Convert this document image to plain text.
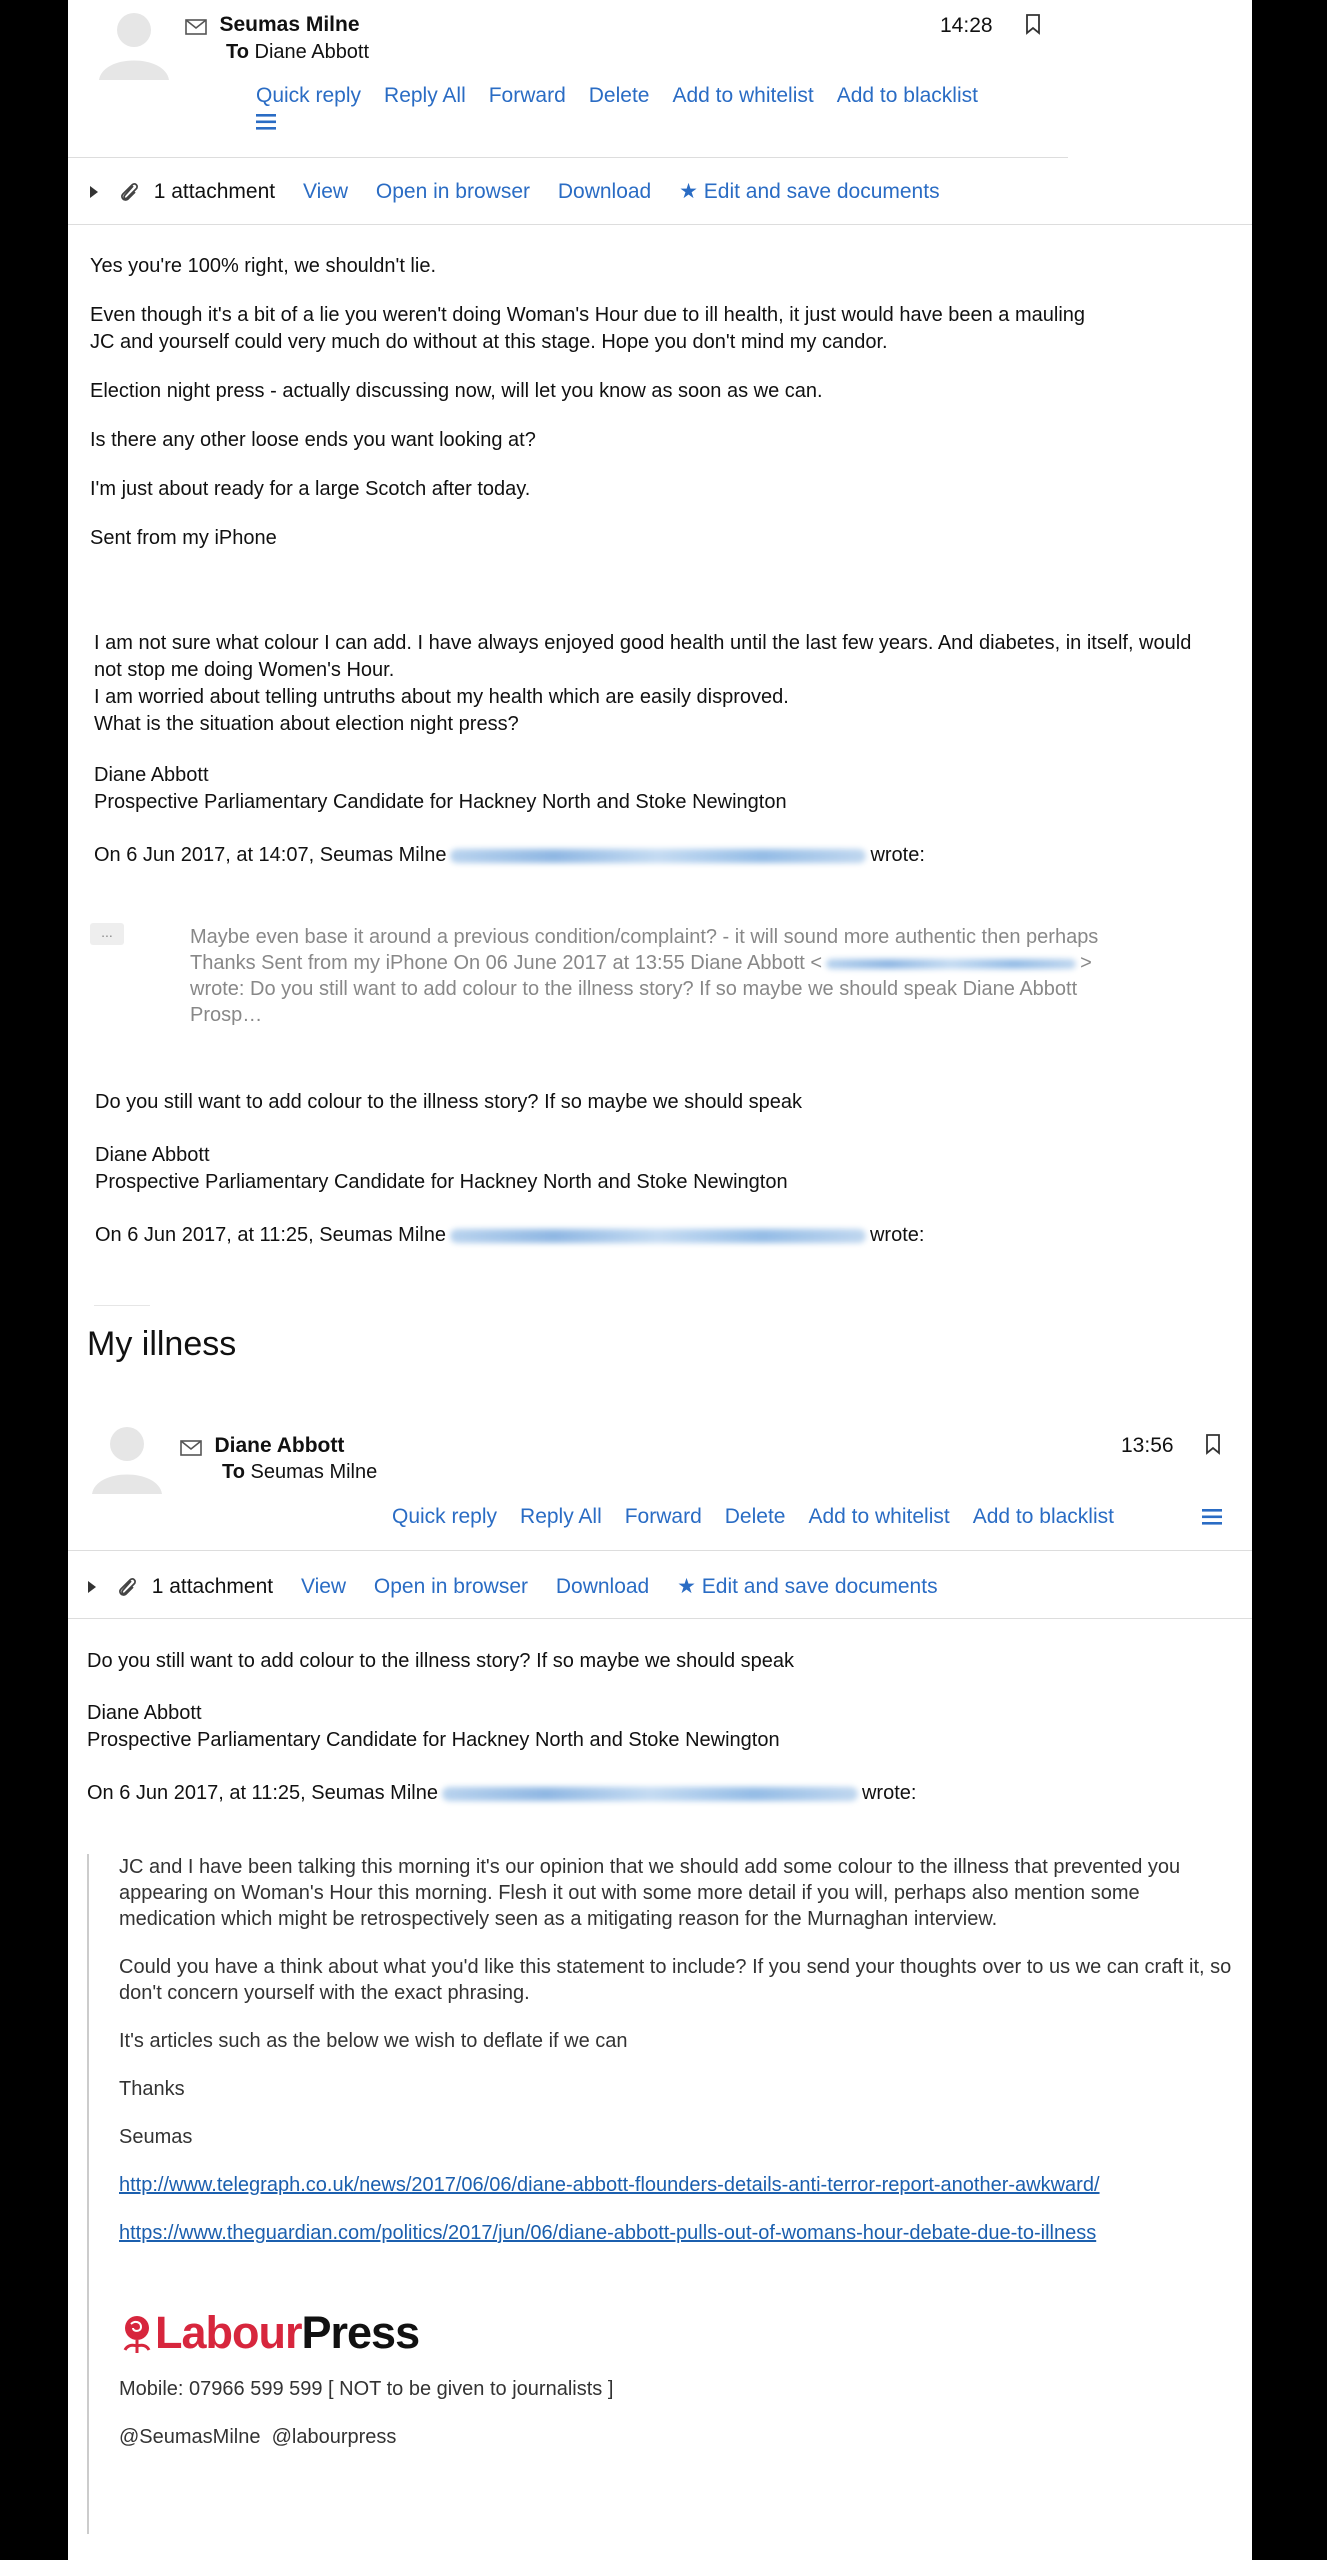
Seumas Milne
To Diane Abbott
14:28
Quick reply Reply All Forward Delete Add to whitelist Add to blacklist
1 attachment View Open in browser Download ★ Edit and save documents

Yes you're 100% right, we shouldn't lie.

Even though it's a bit of a lie you weren't doing Woman's Hour due to ill health, it just would have been a mauling JC and yourself could very much do without at this stage. Hope you don't mind my candor.

Election night press - actually discussing now, will let you know as soon as we can.

Is there any other loose ends you want looking at?

I'm just about ready for a large Scotch after today.

Sent from my iPhone

I am not sure what colour I can add. I have always enjoyed good health until the last few years. And diabetes, in itself, would not stop me doing Women's Hour.
I am worried about telling untruths about my health which are easily disproved.
What is the situation about election night press?
Diane Abbott
Prospective Parliamentary Candidate for Hackney North and Stoke Newington
On 6 Jun 2017, at 14:07, Seumas Milne	wrote:
...	Maybe even base it around a previous condition/complaint? - it will sound more authentic then perhaps
Thanks Sent from my iPhone On 06 June 2017 at 13:55 Diane Abbott <	>
wrote: Do you still want to add colour to the illness story? If so maybe we should speak Diane Abbott
Prosp…
Do you still want to add colour to the illness story? If so maybe we should speak
Diane Abbott
Prospective Parliamentary Candidate for Hackney North and Stoke Newington
On 6 Jun 2017, at 11:25, Seumas Milne	wrote:
My illness
Diane Abbott
To Seumas Milne
13:56
Quick reply Reply All Forward Delete Add to whitelist Add to blacklist
1 attachment View Open in browser Download ★ Edit and save documents
Do you still want to add colour to the illness story? If so maybe we should speak
Diane Abbott
Prospective Parliamentary Candidate for Hackney North and Stoke Newington
On 6 Jun 2017, at 11:25, Seumas Milne	wrote:

JC and I have been talking this morning it's our opinion that we should add some colour to the illness that prevented you appearing on Woman's Hour this morning. Flesh it out with some more detail if you will, perhaps also mention some medication which might be retrospectively seen as a mitigating reason for the Murnaghan interview.

Could you have a think about what you'd like this statement to include? If you send your thoughts over to us we can craft it, so don't concern yourself with the exact phrasing.

It's articles such as the below we wish to deflate if we can

Thanks

Seumas

http://www.telegraph.co.uk/news/2017/06/06/diane-abbott-flounders-details-anti-terror-report-another-awkward/

https://www.theguardian.com/politics/2017/jun/06/diane-abbott-pulls-out-of-womans-hour-debate-due-to-illness

LabourPress

Mobile: 07966 599 599 [ NOT to be given to journalists ]

@SeumasMilne  @labourpress
